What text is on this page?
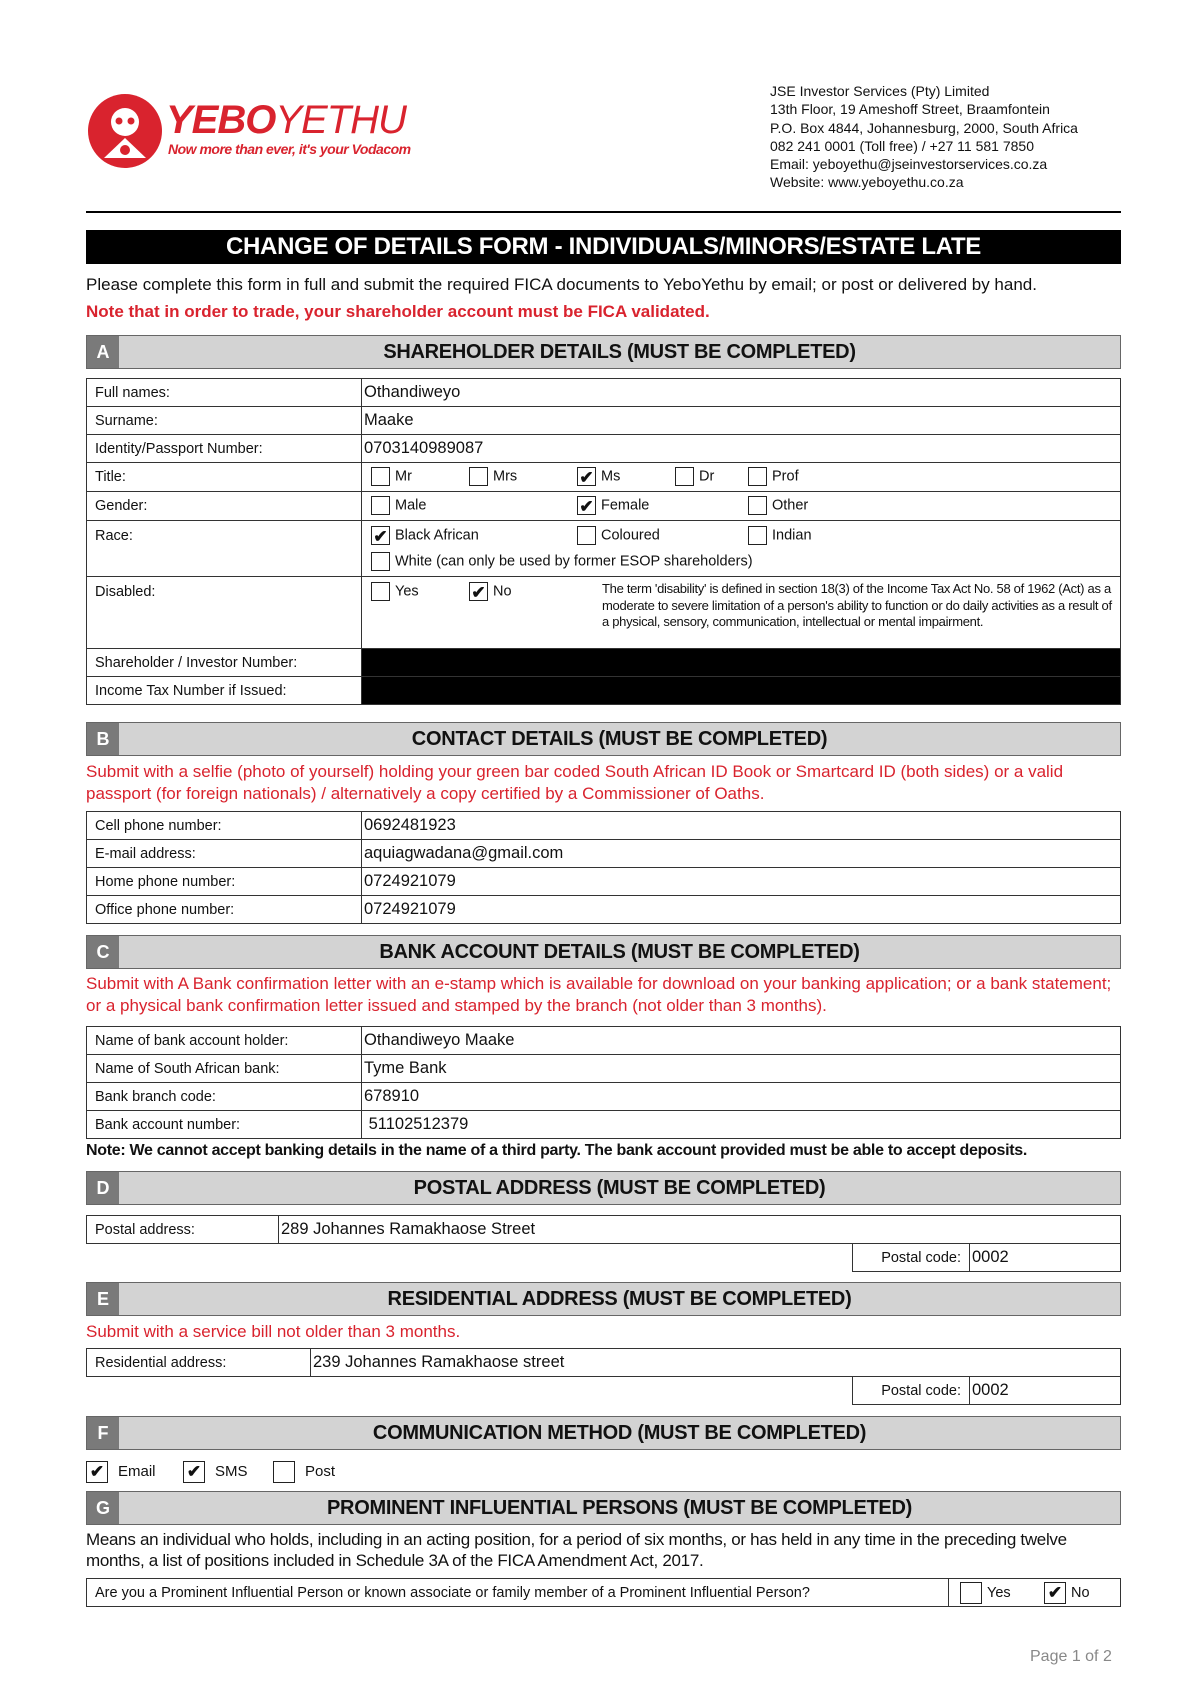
YEBOYETHU
Now more than ever, it's your Vodacom
JSE Investor Services (Pty) Limited
13th Floor, 19 Ameshoff Street, Braamfontein
P.O. Box 4844, Johannesburg, 2000, South Africa
082 241 0001 (Toll free) / +27 11 581 7850
Email: yeboyethu@jseinvestorservices.co.za
Website: www.yeboyethu.co.za
CHANGE OF DETAILS FORM - INDIVIDUALS/MINORS/ESTATE LATE
Please complete this form in full and submit the required FICA documents to YeboYethu by email; or post or delivered by hand.
Note that in order to trade, your shareholder account must be FICA validated.
A	SHAREHOLDER DETAILS (MUST BE COMPLETED)
Full names:	Othandiweyo
Surname:	Maake
Identity/Passport Number:	0703140989087
Title:	Mr Mrs ✔ Ms Dr Prof

Gender:	Male ✔ Female Other

Race:	✔ Black African Coloured Indian
White (can only be used by former ESOP shareholders)

Disabled:	Yes ✔ No The term 'disability' is defined in section 18(3) of the Income Tax Act No. 58 of 1962 (Act) as a moderate to severe limitation of a person's ability to function or do daily activities as a result of a physical, sensory, communication, intellectual or mental impairment.

Shareholder / Investor Number:	
Income Tax Number if Issued:	
B	CONTACT DETAILS (MUST BE COMPLETED)
Submit with a selfie (photo of yourself) holding your green bar coded South African ID Book or Smartcard ID (both sides) or a valid passport (for foreign nationals) / alternatively a copy certified by a Commissioner of Oaths.
Cell phone number:	0692481923
E-mail address:	aquiagwadana@gmail.com
Home phone number:	0724921079
Office phone number:	0724921079
C	BANK ACCOUNT DETAILS (MUST BE COMPLETED)
Submit with A Bank confirmation letter with an e-stamp which is available for download on your banking application; or a bank statement; or a physical bank confirmation letter issued and stamped by the branch (not older than 3 months).
Name of bank account holder:	Othandiweyo Maake
Name of South African bank:	Tyme Bank
Bank branch code:	678910
Bank account number:	51102512379
Note: We cannot accept banking details in the name of a third party. The bank account provided must be able to accept deposits.
D	POSTAL ADDRESS (MUST BE COMPLETED)
Postal address:	289 Johannes Ramakhaose Street
Postal code:	0002
E	RESIDENTIAL ADDRESS (MUST BE COMPLETED)
Submit with a service bill not older than 3 months.
Residential address:	239 Johannes Ramakhaose street
Postal code:	0002
F	COMMUNICATION METHOD (MUST BE COMPLETED)
✔ Email ✔ SMS	Post
G	PROMINENT INFLUENTIAL PERSONS (MUST BE COMPLETED)
Means an individual who holds, including in an acting position, for a period of six months, or has held in any time in the preceding twelve months, a list of positions included in Schedule 3A of the FICA Amendment Act, 2017.
Are you a Prominent Influential Person or known associate or family member of a Prominent Influential Person?	Yes ✔ No
Page 1 of 2
